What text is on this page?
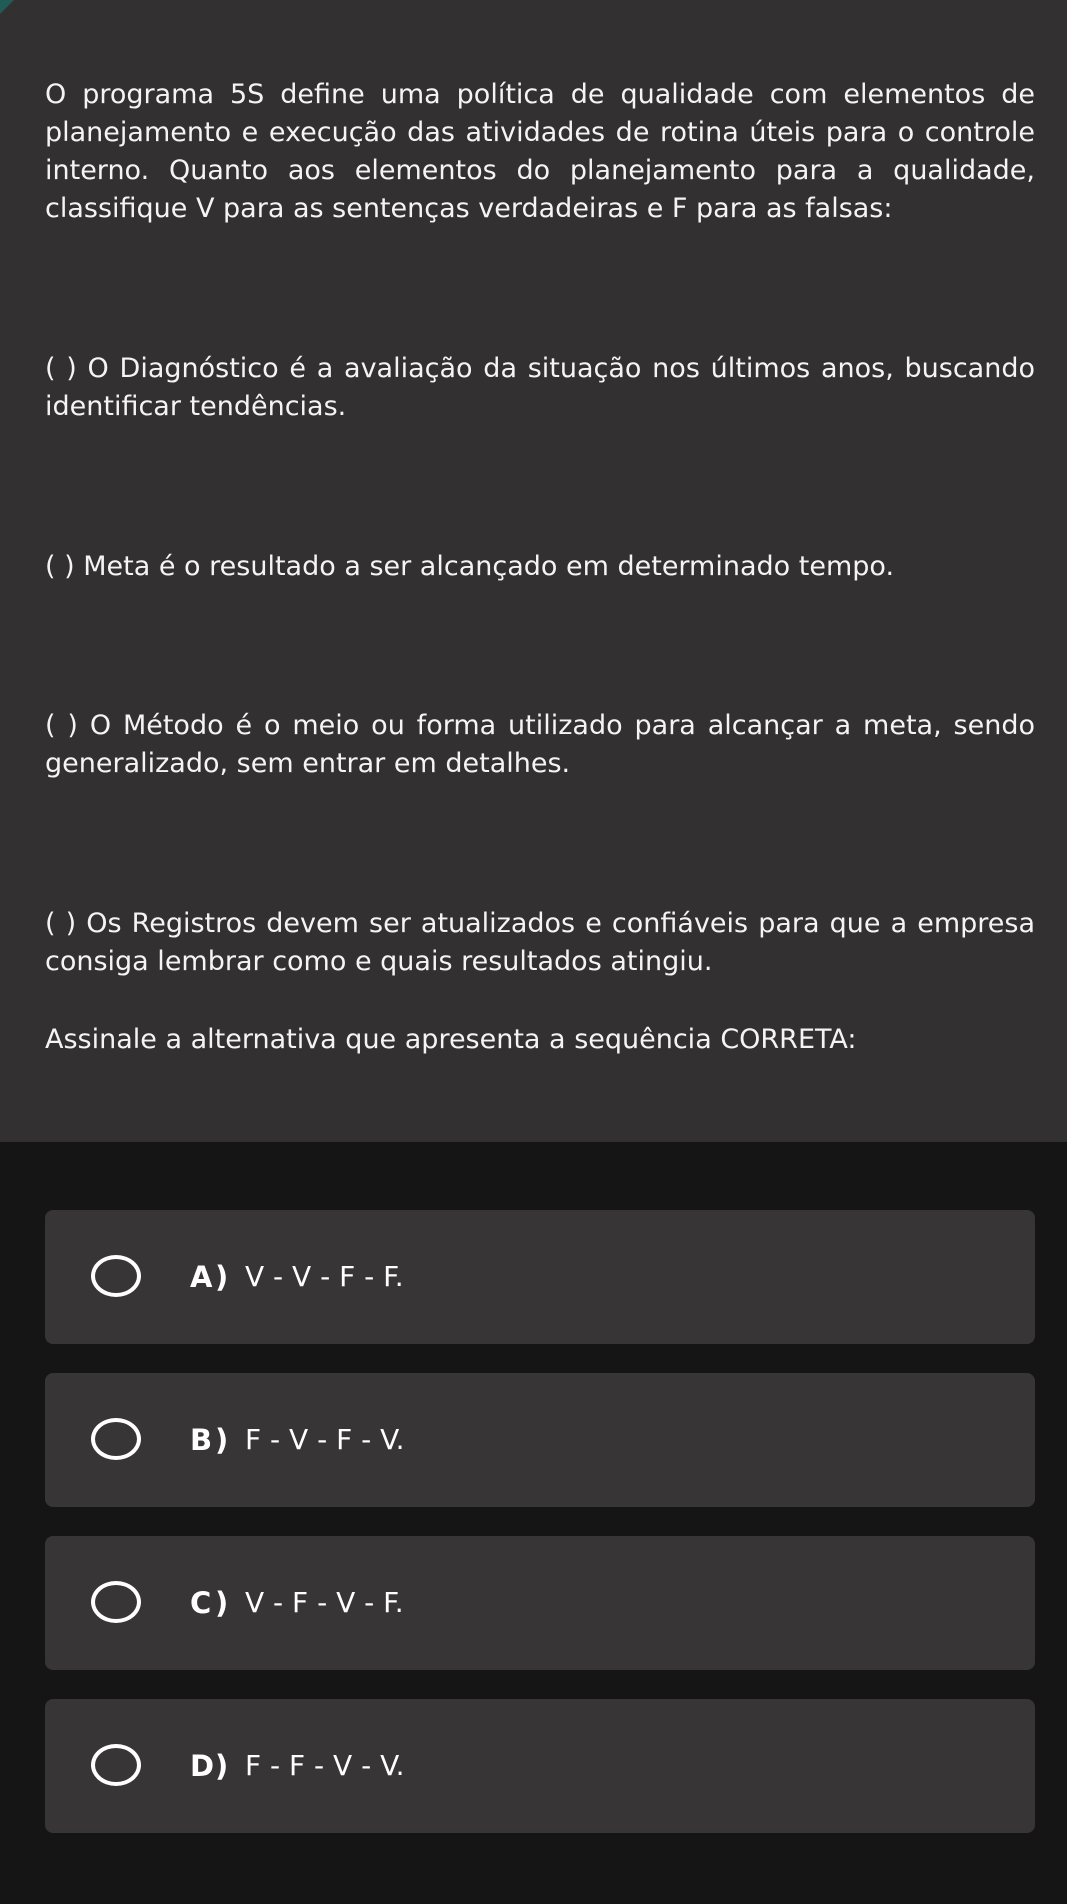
O programa 5S define uma política de qualidade com elementos de planejamento e execução das atividades de rotina úteis para o controle interno. Quanto aos elementos do planejamento para a qualidade, classifique V para as sentenças verdadeiras e F para as falsas:

( ) O Diagnóstico é a avaliação da situação nos últimos anos, buscando identificar tendências.

( ) Meta é o resultado a ser alcançado em determinado tempo.

( ) O Método é o meio ou forma utilizado para alcançar a meta, sendo generalizado, sem entrar em detalhes.

( ) Os Registros devem ser atualizados e confiáveis para que a empresa consiga lembrar como e quais resultados atingiu.

Assinale a alternativa que apresenta a sequência CORRETA:

A ) V - V - F - F.
B ) F - V - F - V.
C ) V - F - V - F.
D ) F - F - V - V.
